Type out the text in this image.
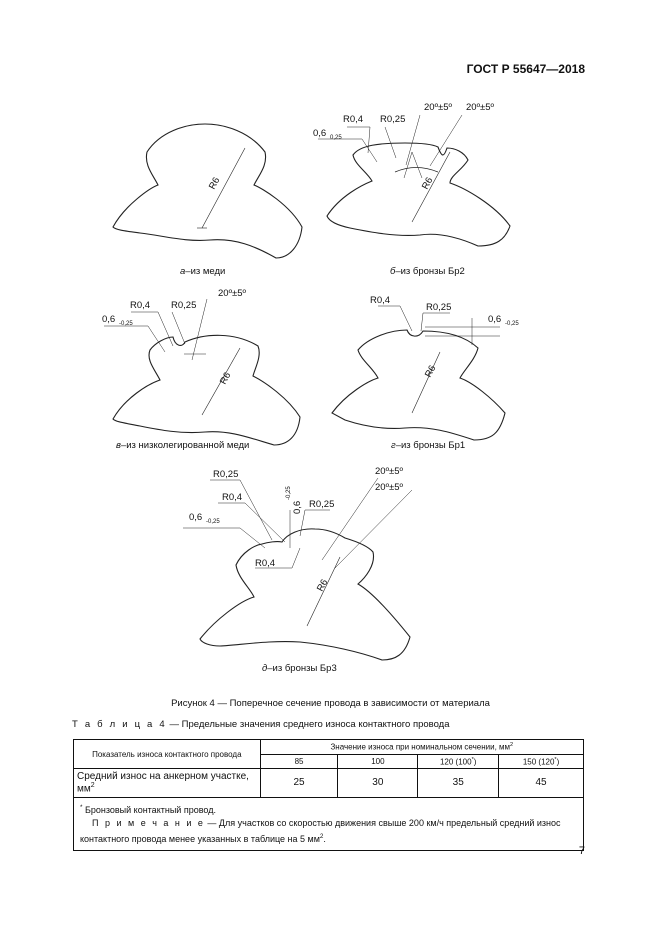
ГОСТ Р 55647—2018
R6	R6
0,6 0,25
R0,4 R0,25
20º±5º 20º±5º
R6
0,6 -0,25
R0,4 R0,25
20º±5º
R6
R0,4
R0,25
0,6 -0,25
R6
R0,25
R0,4
0,6 -0,25
0,6
-0,25
R0,25
20º±5º
20º±5º
R0,4
а–из меди	б–из бронзы Бр2
в–из низколегированной меди	г–из бронзы Бр1
д–из бронзы Бр3
Рисунок 4 — Поперечное сечение провода в зависимости от материала
Т а б л и ц а 4 — Предельные значения среднего износа контактного провода
Показатель износа контактного провода	Значение износа при номинальном сечении, $мм^2$
	85	100	120 (100*)	150 (120*)
Средний износ на анкерном участке, $мм^2$	25	30	35	45

* Бронзовый контактный провод.
П р и м е ч а н и е — Для участков со скоростью движения свыше 200 км/ч предельный средний износ контактного провода менее указанных в таблице на 5 $мм^2$.				
7
